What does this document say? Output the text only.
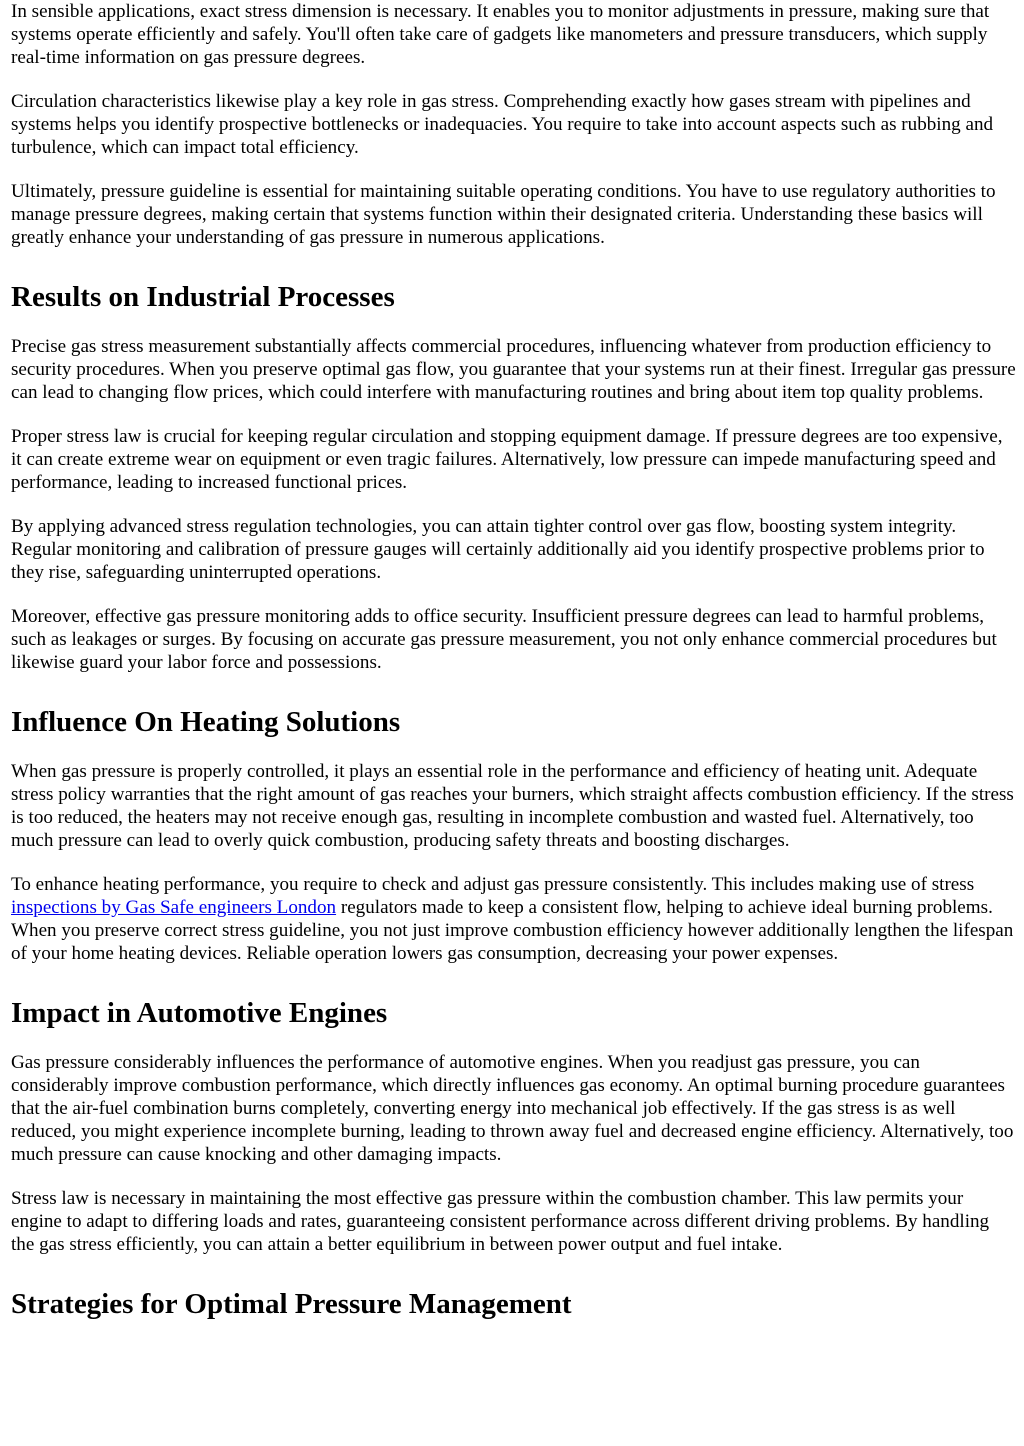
In sensible applications, exact stress dimension is necessary. It enables you to monitor adjustments in pressure, making sure that systems operate efficiently and safely. You'll often take care of gadgets like manometers and pressure transducers, which supply real-time information on gas pressure degrees.

Circulation characteristics likewise play a key role in gas stress. Comprehending exactly how gases stream with pipelines and systems helps you identify prospective bottlenecks or inadequacies. You require to take into account aspects such as rubbing and turbulence, which can impact total efficiency.

Ultimately, pressure guideline is essential for maintaining suitable operating conditions. You have to use regulatory authorities to manage pressure degrees, making certain that systems function within their designated criteria. Understanding these basics will greatly enhance your understanding of gas pressure in numerous applications.

Results on Industrial Processes

Precise gas stress measurement substantially affects commercial procedures, influencing whatever from production efficiency to security procedures. When you preserve optimal gas flow, you guarantee that your systems run at their finest. Irregular gas pressure can lead to changing flow prices, which could interfere with manufacturing routines and bring about item top quality problems.

Proper stress law is crucial for keeping regular circulation and stopping equipment damage. If pressure degrees are too expensive, it can create extreme wear on equipment or even tragic failures. Alternatively, low pressure can impede manufacturing speed and performance, leading to increased functional prices.

By applying advanced stress regulation technologies, you can attain tighter control over gas flow, boosting system integrity. Regular monitoring and calibration of pressure gauges will certainly additionally aid you identify prospective problems prior to they rise, safeguarding uninterrupted operations.

Moreover, effective gas pressure monitoring adds to office security. Insufficient pressure degrees can lead to harmful problems, such as leakages or surges. By focusing on accurate gas pressure measurement, you not only enhance commercial procedures but likewise guard your labor force and possessions.

Influence On Heating Solutions

When gas pressure is properly controlled, it plays an essential role in the performance and efficiency of heating unit. Adequate stress policy warranties that the right amount of gas reaches your burners, which straight affects combustion efficiency. If the stress is too reduced, the heaters may not receive enough gas, resulting in incomplete combustion and wasted fuel. Alternatively, too much pressure can lead to overly quick combustion, producing safety threats and boosting discharges.

To enhance heating performance, you require to check and adjust gas pressure consistently. This includes making use of stress inspections by Gas Safe engineers London regulators made to keep a consistent flow, helping to achieve ideal burning problems. When you preserve correct stress guideline, you not just improve combustion efficiency however additionally lengthen the lifespan of your home heating devices. Reliable operation lowers gas consumption, decreasing your power expenses.

Impact in Automotive Engines

Gas pressure considerably influences the performance of automotive engines. When you readjust gas pressure, you can considerably improve combustion performance, which directly influences gas economy. An optimal burning procedure guarantees that the air-fuel combination burns completely, converting energy into mechanical job effectively. If the gas stress is as well reduced, you might experience incomplete burning, leading to thrown away fuel and decreased engine efficiency. Alternatively, too much pressure can cause knocking and other damaging impacts.

Stress law is necessary in maintaining the most effective gas pressure within the combustion chamber. This law permits your engine to adapt to differing loads and rates, guaranteeing consistent performance across different driving problems. By handling the gas stress efficiently, you can attain a better equilibrium in between power output and fuel intake.

Strategies for Optimal Pressure Management
